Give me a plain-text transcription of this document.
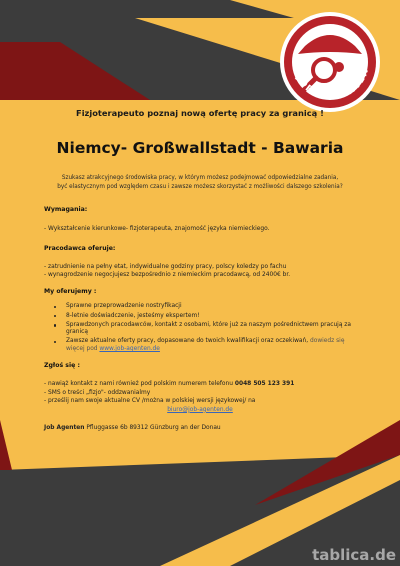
JOB - AGENTEN

Fizjoterapeuto poznaj nową ofertę pracy za granicą !

Niemcy- Großwallstadt - Bawaria

Szukasz atrakcyjnego środowiska pracy, w którym możesz podejmować odpowiedzialne zadania, być elastycznym pod względem czasu i zawsze możesz skorzystać z możliwości dalszego szkolenia?

Wymagania:

- Wykształcenie kierunkowe- fizjoterapeuta, znajomość języka niemieckiego.

Pracodawca oferuje:

- zatrudnienie na pełny etat, indywidualne godziny pracy, polscy koledzy po fachu

- wynagrodzenie negocjujesz bezpośrednio z niemieckim pracodawcą, od 2400€ br.

My oferujemy :

Sprawne przeprowadzenie nostryfikacji
8-letnie doświadczenie, jesteśmy ekspertem!
Sprawdzonych pracodawców, kontakt z osobami, które już za naszym pośrednictwem pracują za granicą
Zawsze aktualne oferty pracy, dopasowane do twoich kwalifikacji oraz oczekiwań, dowiedz się więcej pod www.job-agenten.de

Zgłoś się :

- nawiąż kontakt z nami również pod polskim numerem telefonu 0048 505 123 391

- SMS o treści „fizjo"- oddzwanialmy

- prześlij nam swoje aktualne CV /można w polskiej wersji językowej/ na

biuro@job-agenten.de

Job Agenten Pfluggasse 6b 89312 Günzburg an der Donau

tablica.de
